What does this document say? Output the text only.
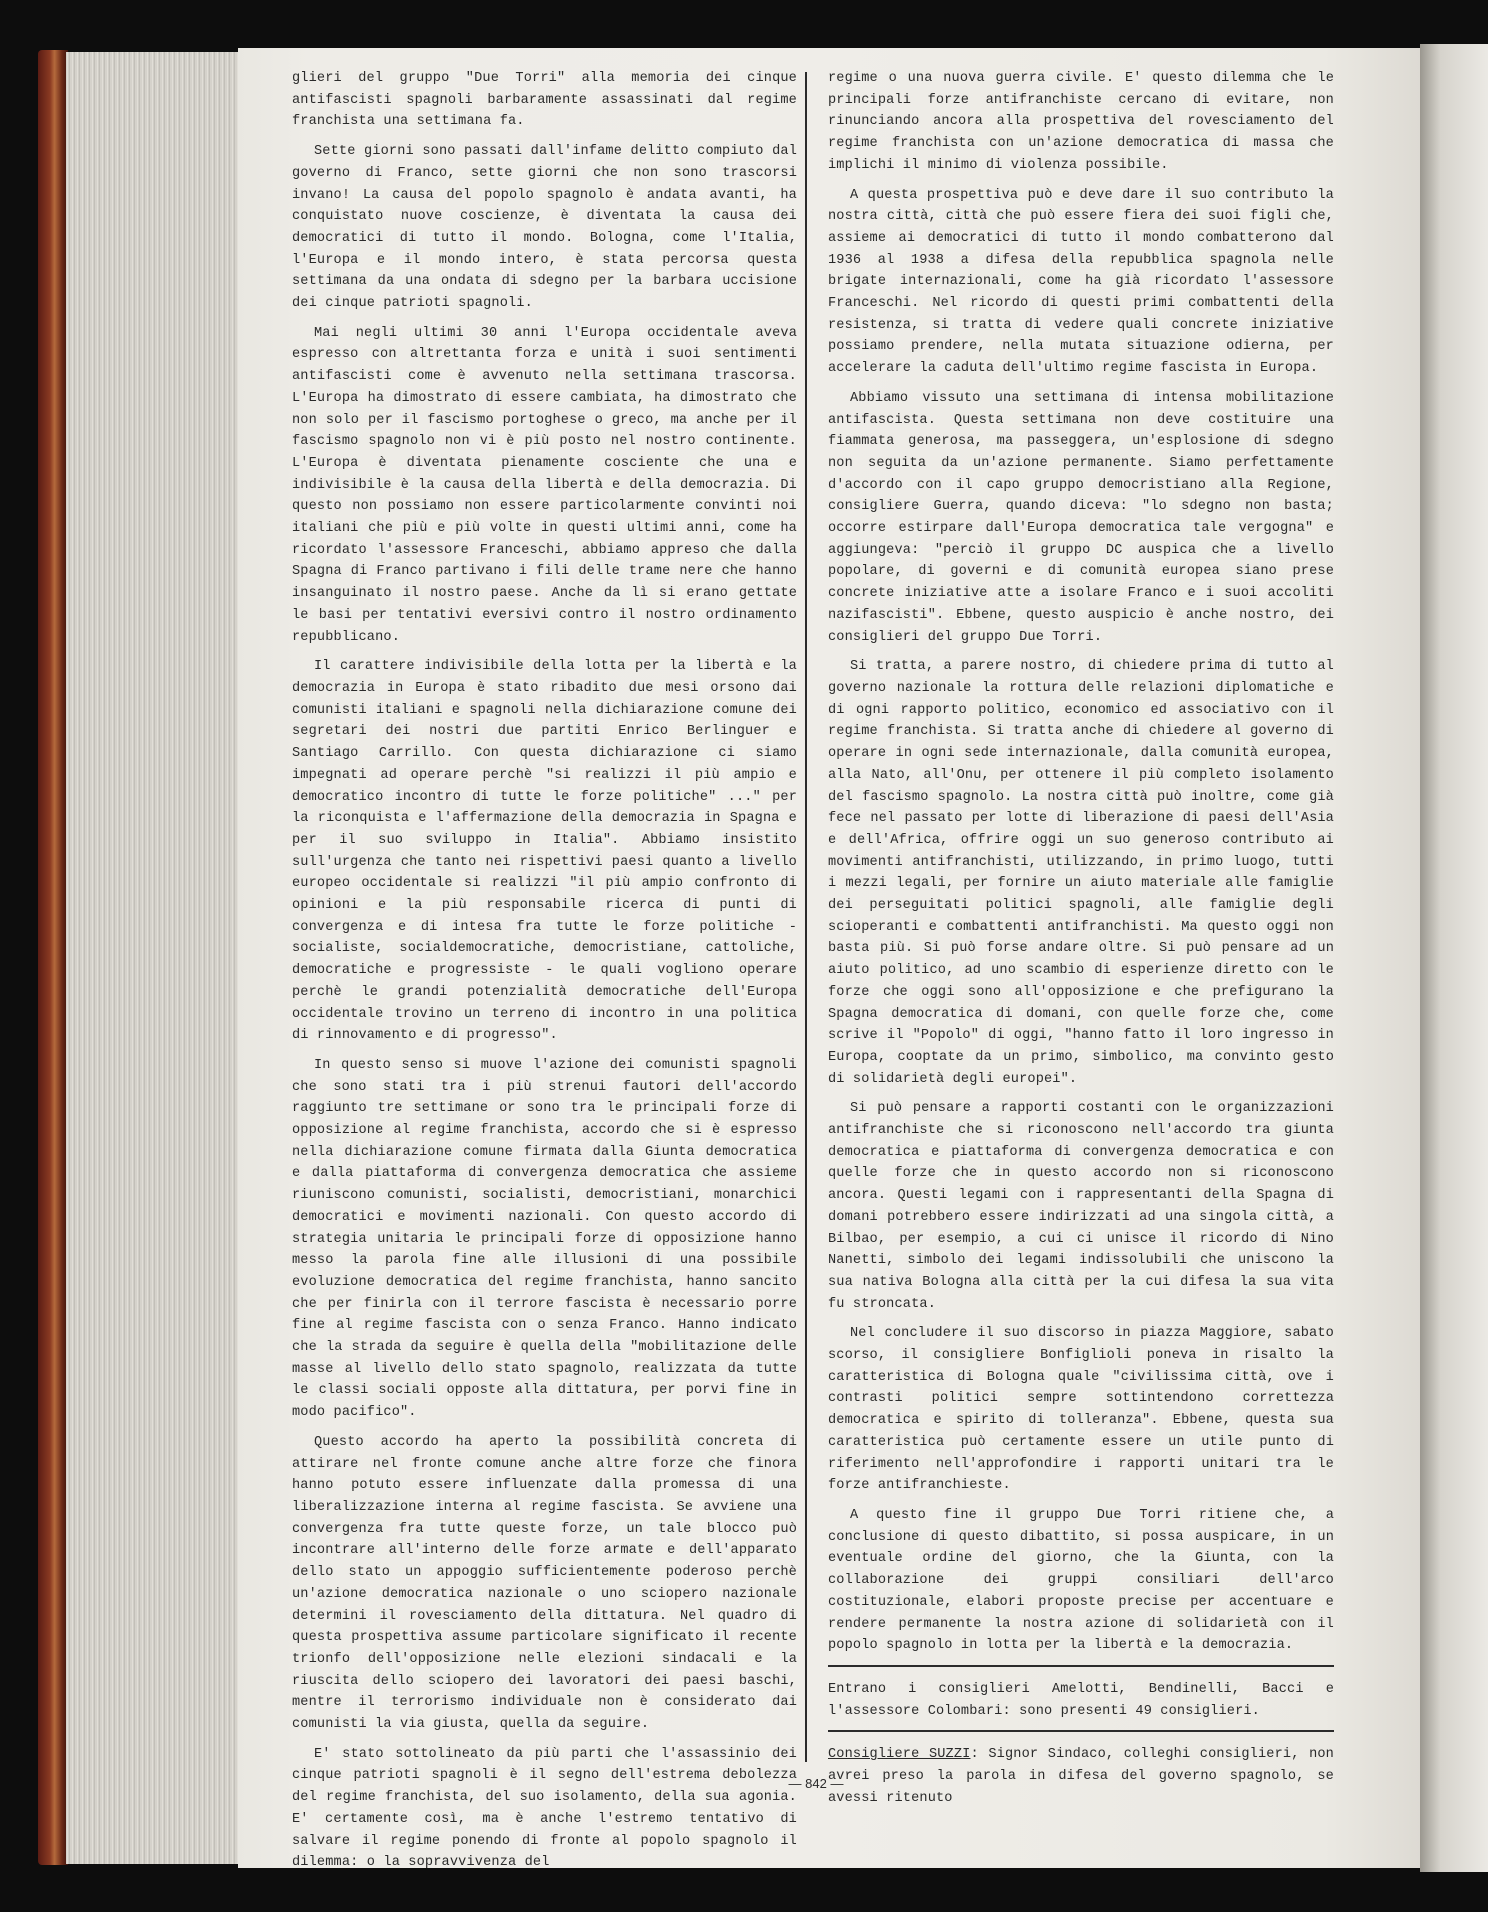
glieri del gruppo "Due Torri" alla memoria dei cinque antifascisti spagnoli barbaramente assassinati dal regime franchista una settimana fa.

Sette giorni sono passati dall'infame delitto compiuto dal governo di Franco, sette giorni che non sono trascorsi invano! La causa del popolo spagnolo è andata avanti, ha conquistato nuove coscienze, è diventata la causa dei democratici di tutto il mondo. Bologna, come l'Italia, l'Europa e il mondo intero, è stata percorsa questa settimana da una ondata di sdegno per la barbara uccisione dei cinque patrioti spagnoli.

Mai negli ultimi 30 anni l'Europa occidentale aveva espresso con altrettanta forza e unità i suoi sentimenti antifascisti come è avvenuto nella settimana trascorsa. L'Europa ha dimostrato di essere cambiata, ha dimostrato che non solo per il fascismo portoghese o greco, ma anche per il fascismo spagnolo non vi è più posto nel nostro continente. L'Europa è diventata pienamente cosciente che una e indivisibile è la causa della libertà e della democrazia. Di questo non possiamo non essere particolarmente convinti noi italiani che più e più volte in questi ultimi anni, come ha ricordato l'assessore Franceschi, abbiamo appreso che dalla Spagna di Franco partivano i fili delle trame nere che hanno insanguinato il nostro paese. Anche da lì si erano gettate le basi per tentativi eversivi contro il nostro ordinamento repubblicano.

Il carattere indivisibile della lotta per la libertà e la democrazia in Europa è stato ribadito due mesi orsono dai comunisti italiani e spagnoli nella dichiarazione comune dei segretari dei nostri due partiti Enrico Berlinguer e Santiago Carrillo. Con questa dichiarazione ci siamo impegnati ad operare perchè "si realizzi il più ampio e democratico incontro di tutte le forze politiche" ..." per la riconquista e l'affermazione della democrazia in Spagna e per il suo sviluppo in Italia". Abbiamo insistito sull'urgenza che tanto nei rispettivi paesi quanto a livello europeo occidentale si realizzi "il più ampio confronto di opinioni e la più responsabile ricerca di punti di convergenza e di intesa fra tutte le forze politiche - socialiste, socialdemocratiche, democristiane, cattoliche, democratiche e progressiste - le quali vogliono operare perchè le grandi potenzialità democratiche dell'Europa occidentale trovino un terreno di incontro in una politica di rinnovamento e di progresso".

In questo senso si muove l'azione dei comunisti spagnoli che sono stati tra i più strenui fautori dell'accordo raggiunto tre settimane or sono tra le principali forze di opposizione al regime franchista, accordo che si è espresso nella dichiarazione comune firmata dalla Giunta democratica e dalla piattaforma di convergenza democratica che assieme riuniscono comunisti, socialisti, democristiani, monarchici democratici e movimenti nazionali. Con questo accordo di strategia unitaria le principali forze di opposizione hanno messo la parola fine alle illusioni di una possibile evoluzione democratica del regime franchista, hanno sancito che per finirla con il terrore fascista è necessario porre fine al regime fascista con o senza Franco. Hanno indicato che la strada da seguire è quella della "mobilitazione delle masse al livello dello stato spagnolo, realizzata da tutte le classi sociali opposte alla dittatura, per porvi fine in modo pacifico".

Questo accordo ha aperto la possibilità concreta di attirare nel fronte comune anche altre forze che finora hanno potuto essere influenzate dalla promessa di una liberalizzazione interna al regime fascista. Se avviene una convergenza fra tutte queste forze, un tale blocco può incontrare all'interno delle forze armate e dell'apparato dello stato un appoggio sufficientemente poderoso perchè un'azione democratica nazionale o uno sciopero nazionale determini il rovesciamento della dittatura. Nel quadro di questa prospettiva assume particolare significato il recente trionfo dell'opposizione nelle elezioni sindacali e la riuscita dello sciopero dei lavoratori dei paesi baschi, mentre il terrorismo individuale non è considerato dai comunisti la via giusta, quella da seguire.

E' stato sottolineato da più parti che l'assassinio dei cinque patrioti spagnoli è il segno dell'estrema debolezza del regime franchista, del suo isolamento, della sua agonia. E' certamente così, ma è anche l'estremo tentativo di salvare il regime ponendo di fronte al popolo spagnolo il dilemma: o la sopravvivenza del

regime o una nuova guerra civile. E' questo dilemma che le principali forze antifranchiste cercano di evitare, non rinunciando ancora alla prospettiva del rovesciamento del regime franchista con un'azione democratica di massa che implichi il minimo di violenza possibile.

A questa prospettiva può e deve dare il suo contributo la nostra città, città che può essere fiera dei suoi figli che, assieme ai democratici di tutto il mondo combatterono dal 1936 al 1938 a difesa della repubblica spagnola nelle brigate internazionali, come ha già ricordato l'assessore Franceschi. Nel ricordo di questi primi combattenti della resistenza, si tratta di vedere quali concrete iniziative possiamo prendere, nella mutata situazione odierna, per accelerare la caduta dell'ultimo regime fascista in Europa.

Abbiamo vissuto una settimana di intensa mobilitazione antifascista. Questa settimana non deve costituire una fiammata generosa, ma passeggera, un'esplosione di sdegno non seguita da un'azione permanente. Siamo perfettamente d'accordo con il capo gruppo democristiano alla Regione, consigliere Guerra, quando diceva: "lo sdegno non basta; occorre estirpare dall'Europa democratica tale vergogna" e aggiungeva: "perciò il gruppo DC auspica che a livello popolare, di governi e di comunità europea siano prese concrete iniziative atte a isolare Franco e i suoi accoliti nazifascisti". Ebbene, questo auspicio è anche nostro, dei consiglieri del gruppo Due Torri.

Si tratta, a parere nostro, di chiedere prima di tutto al governo nazionale la rottura delle relazioni diplomatiche e di ogni rapporto politico, economico ed associativo con il regime franchista. Si tratta anche di chiedere al governo di operare in ogni sede internazionale, dalla comunità europea, alla Nato, all'Onu, per ottenere il più completo isolamento del fascismo spagnolo. La nostra città può inoltre, come già fece nel passato per lotte di liberazione di paesi dell'Asia e dell'Africa, offrire oggi un suo generoso contributo ai movimenti antifranchisti, utilizzando, in primo luogo, tutti i mezzi legali, per fornire un aiuto materiale alle famiglie dei perseguitati politici spagnoli, alle famiglie degli scioperanti e combattenti antifranchisti. Ma questo oggi non basta più. Si può forse andare oltre. Si può pensare ad un aiuto politico, ad uno scambio di esperienze diretto con le forze che oggi sono all'opposizione e che prefigurano la Spagna democratica di domani, con quelle forze che, come scrive il "Popolo" di oggi, "hanno fatto il loro ingresso in Europa, cooptate da un primo, simbolico, ma convinto gesto di solidarietà degli europei".

Si può pensare a rapporti costanti con le organizzazioni antifranchiste che si riconoscono nell'accordo tra giunta democratica e piattaforma di convergenza democratica e con quelle forze che in questo accordo non si riconoscono ancora. Questi legami con i rappresentanti della Spagna di domani potrebbero essere indirizzati ad una singola città, a Bilbao, per esempio, a cui ci unisce il ricordo di Nino Nanetti, simbolo dei legami indissolubili che uniscono la sua nativa Bologna alla città per la cui difesa la sua vita fu stroncata.

Nel concludere il suo discorso in piazza Maggiore, sabato scorso, il consigliere Bonfiglioli poneva in risalto la caratteristica di Bologna quale "civilissima città, ove i contrasti politici sempre sottintendono correttezza democratica e spirito di tolleranza". Ebbene, questa sua caratteristica può certamente essere un utile punto di riferimento nell'approfondire i rapporti unitari tra le forze antifranchieste.

A questo fine il gruppo Due Torri ritiene che, a conclusione di questo dibattito, si possa auspicare, in un eventuale ordine del giorno, che la Giunta, con la collaborazione dei gruppi consiliari dell'arco costituzionale, elabori proposte precise per accentuare e rendere permanente la nostra azione di solidarietà con il popolo spagnolo in lotta per la libertà e la democrazia.

Entrano i consiglieri Amelotti, Bendinelli, Bacci e l'assessore Colombari: sono presenti 49 consiglieri.

Consigliere SUZZI: Signor Sindaco, colleghi consiglieri, non avrei preso la parola in difesa del governo spagnolo, se avessi ritenuto

— 842 —
